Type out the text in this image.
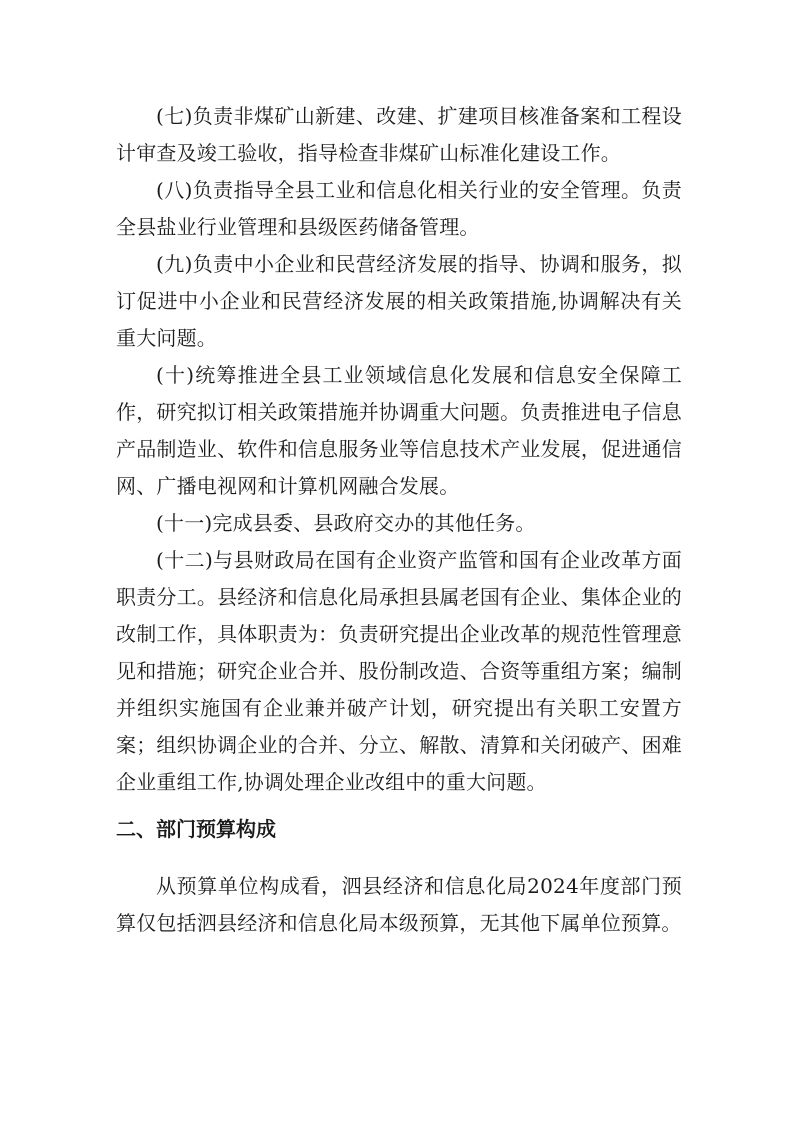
(七)负责非煤矿山新建、改建、扩建项目核准备案和工程设计审查及竣工验收，指导检查非煤矿山标准化建设工作。

(八)负责指导全县工业和信息化相关行业的安全管理。负责全县盐业行业管理和县级医药储备管理。

(九)负责中小企业和民营经济发展的指导、协调和服务，拟订促进中小企业和民营经济发展的相关政策措施,协调解决有关重大问题。

(十)统筹推进全县工业领域信息化发展和信息安全保障工作，研究拟订相关政策措施并协调重大问题。负责推进电子信息产品制造业、软件和信息服务业等信息技术产业发展，促进通信网、广播电视网和计算机网融合发展。

(十一)完成县委、县政府交办的其他任务。

(十二)与县财政局在国有企业资产监管和国有企业改革方面职责分工。县经济和信息化局承担县属老国有企业、集体企业的改制工作，具体职责为：负责研究提出企业改革的规范性管理意见和措施；研究企业合并、股份制改造、合资等重组方案；编制并组织实施国有企业兼并破产计划，研究提出有关职工安置方案；组织协调企业的合并、分立、解散、清算和关闭破产、困难企业重组工作,协调处理企业改组中的重大问题。

二、部门预算构成

从预算单位构成看，泗县经济和信息化局2024年度部门预算仅包括泗县经济和信息化局本级预算，无其他下属单位预算。
